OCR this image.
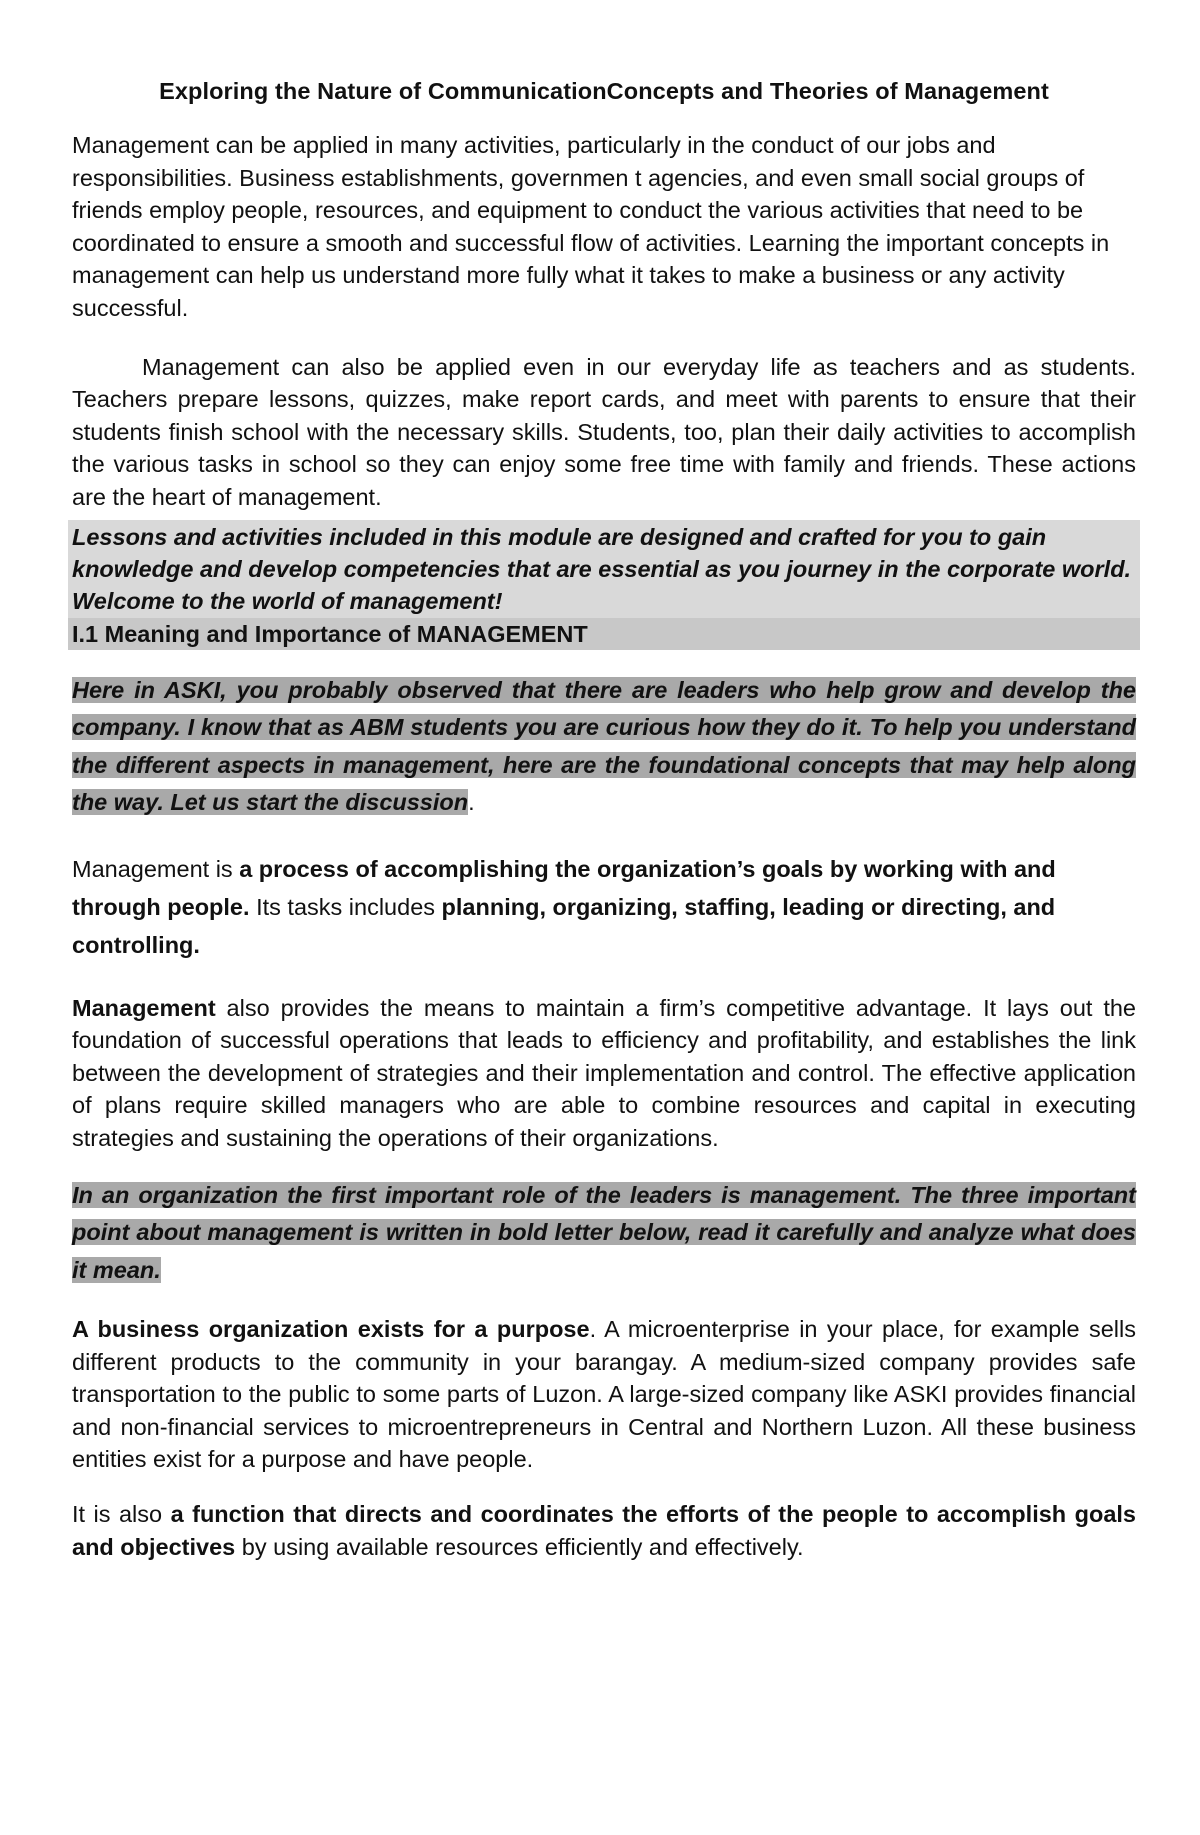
Exploring the Nature of CommunicationConcepts and Theories of Management

Management can be applied in many activities, particularly in the conduct of our jobs and responsibilities. Business establishments, governmen t agencies, and even small social groups of friends employ people, resources, and equipment to conduct the various activities that need to be coordinated to ensure a smooth and successful flow of activities. Learning the important concepts in management can help us understand more fully what it takes to make a business or any activity successful.

Management can also be applied even in our everyday life as teachers and as students. Teachers prepare lessons, quizzes, make report cards, and meet with parents to ensure that their students finish school with the necessary skills. Students, too, plan their daily activities to accomplish the various tasks in school so they can enjoy some free time with family and friends. These actions are the heart of management.

Lessons and activities included in this module are designed and crafted for you to gain knowledge and develop competencies that are essential as you journey in the corporate world. Welcome to the world of management!

I.1 Meaning and Importance of MANAGEMENT

Here in ASKI, you probably observed that there are leaders who help grow and develop the company. I know that as ABM students you are curious how they do it. To help you understand the different aspects in management, here are the foundational concepts that may help along the way. Let us start the discussion.

Management is a process of accomplishing the organization’s goals by working with and through people. Its tasks includes planning, organizing, staffing, leading or directing, and controlling.

Management also provides the means to maintain a firm’s competitive advantage. It lays out the foundation of successful operations that leads to efficiency and profitability, and establishes the link between the development of strategies and their implementation and control. The effective application of plans require skilled managers who are able to combine resources and capital in executing strategies and sustaining the operations of their organizations.

In an organization the first important role of the leaders is management. The three important point about management is written in bold letter below, read it carefully and analyze what does it mean.

A business organization exists for a purpose. A microenterprise in your place, for example sells different products to the community in your barangay. A medium-sized company provides safe transportation to the public to some parts of Luzon. A large-sized company like ASKI provides financial and non-financial services to microentrepreneurs in Central and Northern Luzon. All these business entities exist for a purpose and have people.

It is also a function that directs and coordinates the efforts of the people to accomplish goals and objectives by using available resources efficiently and effectively.
